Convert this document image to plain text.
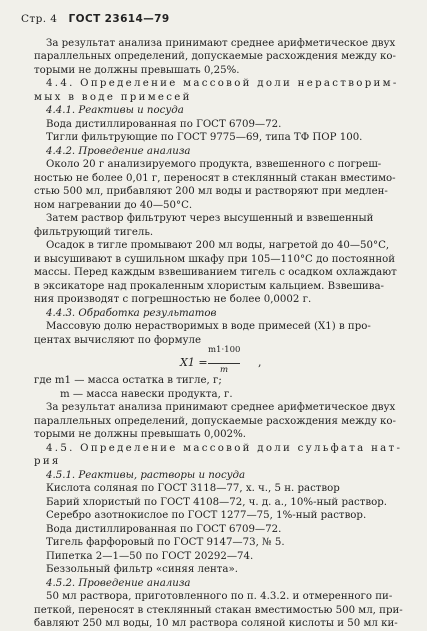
Стр. 4 ГОСТ 23614—79
За результат анализа принимают среднее арифметическое двух
параллельных определений, допускаемые расхождения между ко-
торыми не должны превышать 0,25%.
4.4. Определение массовой доли нерастворим-
мых в воде примесей
4.4.1. Реактивы и посуда
Вода дистиллированная по ГОСТ 6709—72.
Тигли фильтрующие по ГОСТ 9775—69, типа ТФ ПОР 100.
4.4.2. Проведение анализа
Около 20 г анализируемого продукта, взвешенного с погреш-
ностью не более 0,01 г, переносят в стеклянный стакан вместимо-
стью 500 мл, прибавляют 200 мл воды и растворяют при медлен-
ном нагревании до 40—50°С.
Затем раствор фильтруют через высушенный и взвешенный
фильтрующий тигель.
Осадок в тигле промывают 200 мл воды, нагретой до 40—50°С,
и высушивают в сушильном шкафу при 105—110°С до постоянной
массы. Перед каждым взвешиванием тигель с осадком охлаждают
в эксикаторе над прокаленным хлористым кальцием. Взвешива-
ния производят с погрешностью не более 0,0002 г.
4.4.3. Обработка результатов
Массовую долю нерастворимых в воде примесей (X1) в про-
центах вычисляют по формуле
X1 =
m1·100
m
,
где m1 — масса остатка в тигле, г;
m — масса навески продукта, г.
За результат анализа принимают среднее арифметическое двух
параллельных определений, допускаемые расхождения между ко-
торыми не должны превышать 0,002%.
4.5. Определение массовой доли сульфата нат-
рия
4.5.1. Реактивы, растворы и посуда
Кислота соляная по ГОСТ 3118—77, х. ч., 5 н. раствор
Барий хлористый по ГОСТ 4108—72, ч. д. а., 10%-ный раствор.
Серебро азотнокислое по ГОСТ 1277—75, 1%-ный раствор.
Вода дистиллированная по ГОСТ 6709—72.
Тигель фарфоровый по ГОСТ 9147—73, № 5.
Пипетка 2—1—50 по ГОСТ 20292—74.
Беззольный фильтр «синяя лента».
4.5.2. Проведение анализа
50 мл раствора, приготовленного по п. 4.3.2. и отмеренного пи-
петкой, переносят в стеклянный стакан вместимостью 500 мл, при-
бавляют 250 мл воды, 10 мл раствора соляной кислоты и 50 мл ки-
